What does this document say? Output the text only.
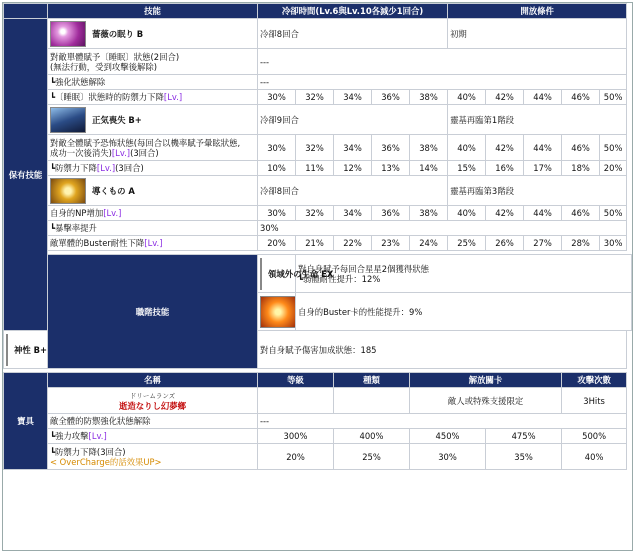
	技能	冷卻時間(Lv.6與Lv.10各減少1回合)					開放條件				
保有技能	薔薇の眠り B	冷卻8回合					初期				
	對敵單體賦予〔睡眠〕狀態(2回合)
(無法行動，受到攻擊後解除)	---									
	┗強化狀態解除	---									
	┗〔睡眠〕狀態時的防禦力下降[Lv.]	30%	32%	34%	36%	38%	40%	42%	44%	46%	50%

	正気喪失 B+	冷卻9回合					靈基再臨第1階段				
	對敵全體賦予恐怖狀態(每回合以機率賦予暈眩狀態,
成功一次後消失)[Lv.](3回合)	30%	32%	34%	36%	38%	40%	42%	44%	46%	50%
	┗防禦力下降[Lv.](3回合)	10%	11%	12%	13%	14%	15%	16%	17%	18%	20%

	導くもの A	冷卻8回合					靈基再臨第3階段				
	自身的NP增加[Lv.]	30%	32%	34%	36%	38%	40%	42%	44%	46%	50%
	┗暴擊率提升	30%									
	敵單體的Buster耐性下降[Lv.]	20%	21%	22%	23%	24%	25%	26%	27%	28%	30%

	職階技能	領域外の生命 EX	對自身賦予每回合星星2個獲得狀態
┗弱體耐性提升：12%								

			自身的Buster卡的性能提升：9%								

神性 B+		對自身賦予傷害加成狀態：185									

寶具	名稱	等級		種類		解放關卡				攻擊次數	
	ドリームランズ
逝造なりし幻夢鄉					敵人或特殊支援限定				3Hits	
	敵全體的防禦強化狀態解除	---									
	┗強力攻擊[Lv.]	300%		400%		450%		475%		500%	
	┗防禦力下降(3回合)
< OverCharge的話效果UP>	20%		25%		30%		35%		40%	
